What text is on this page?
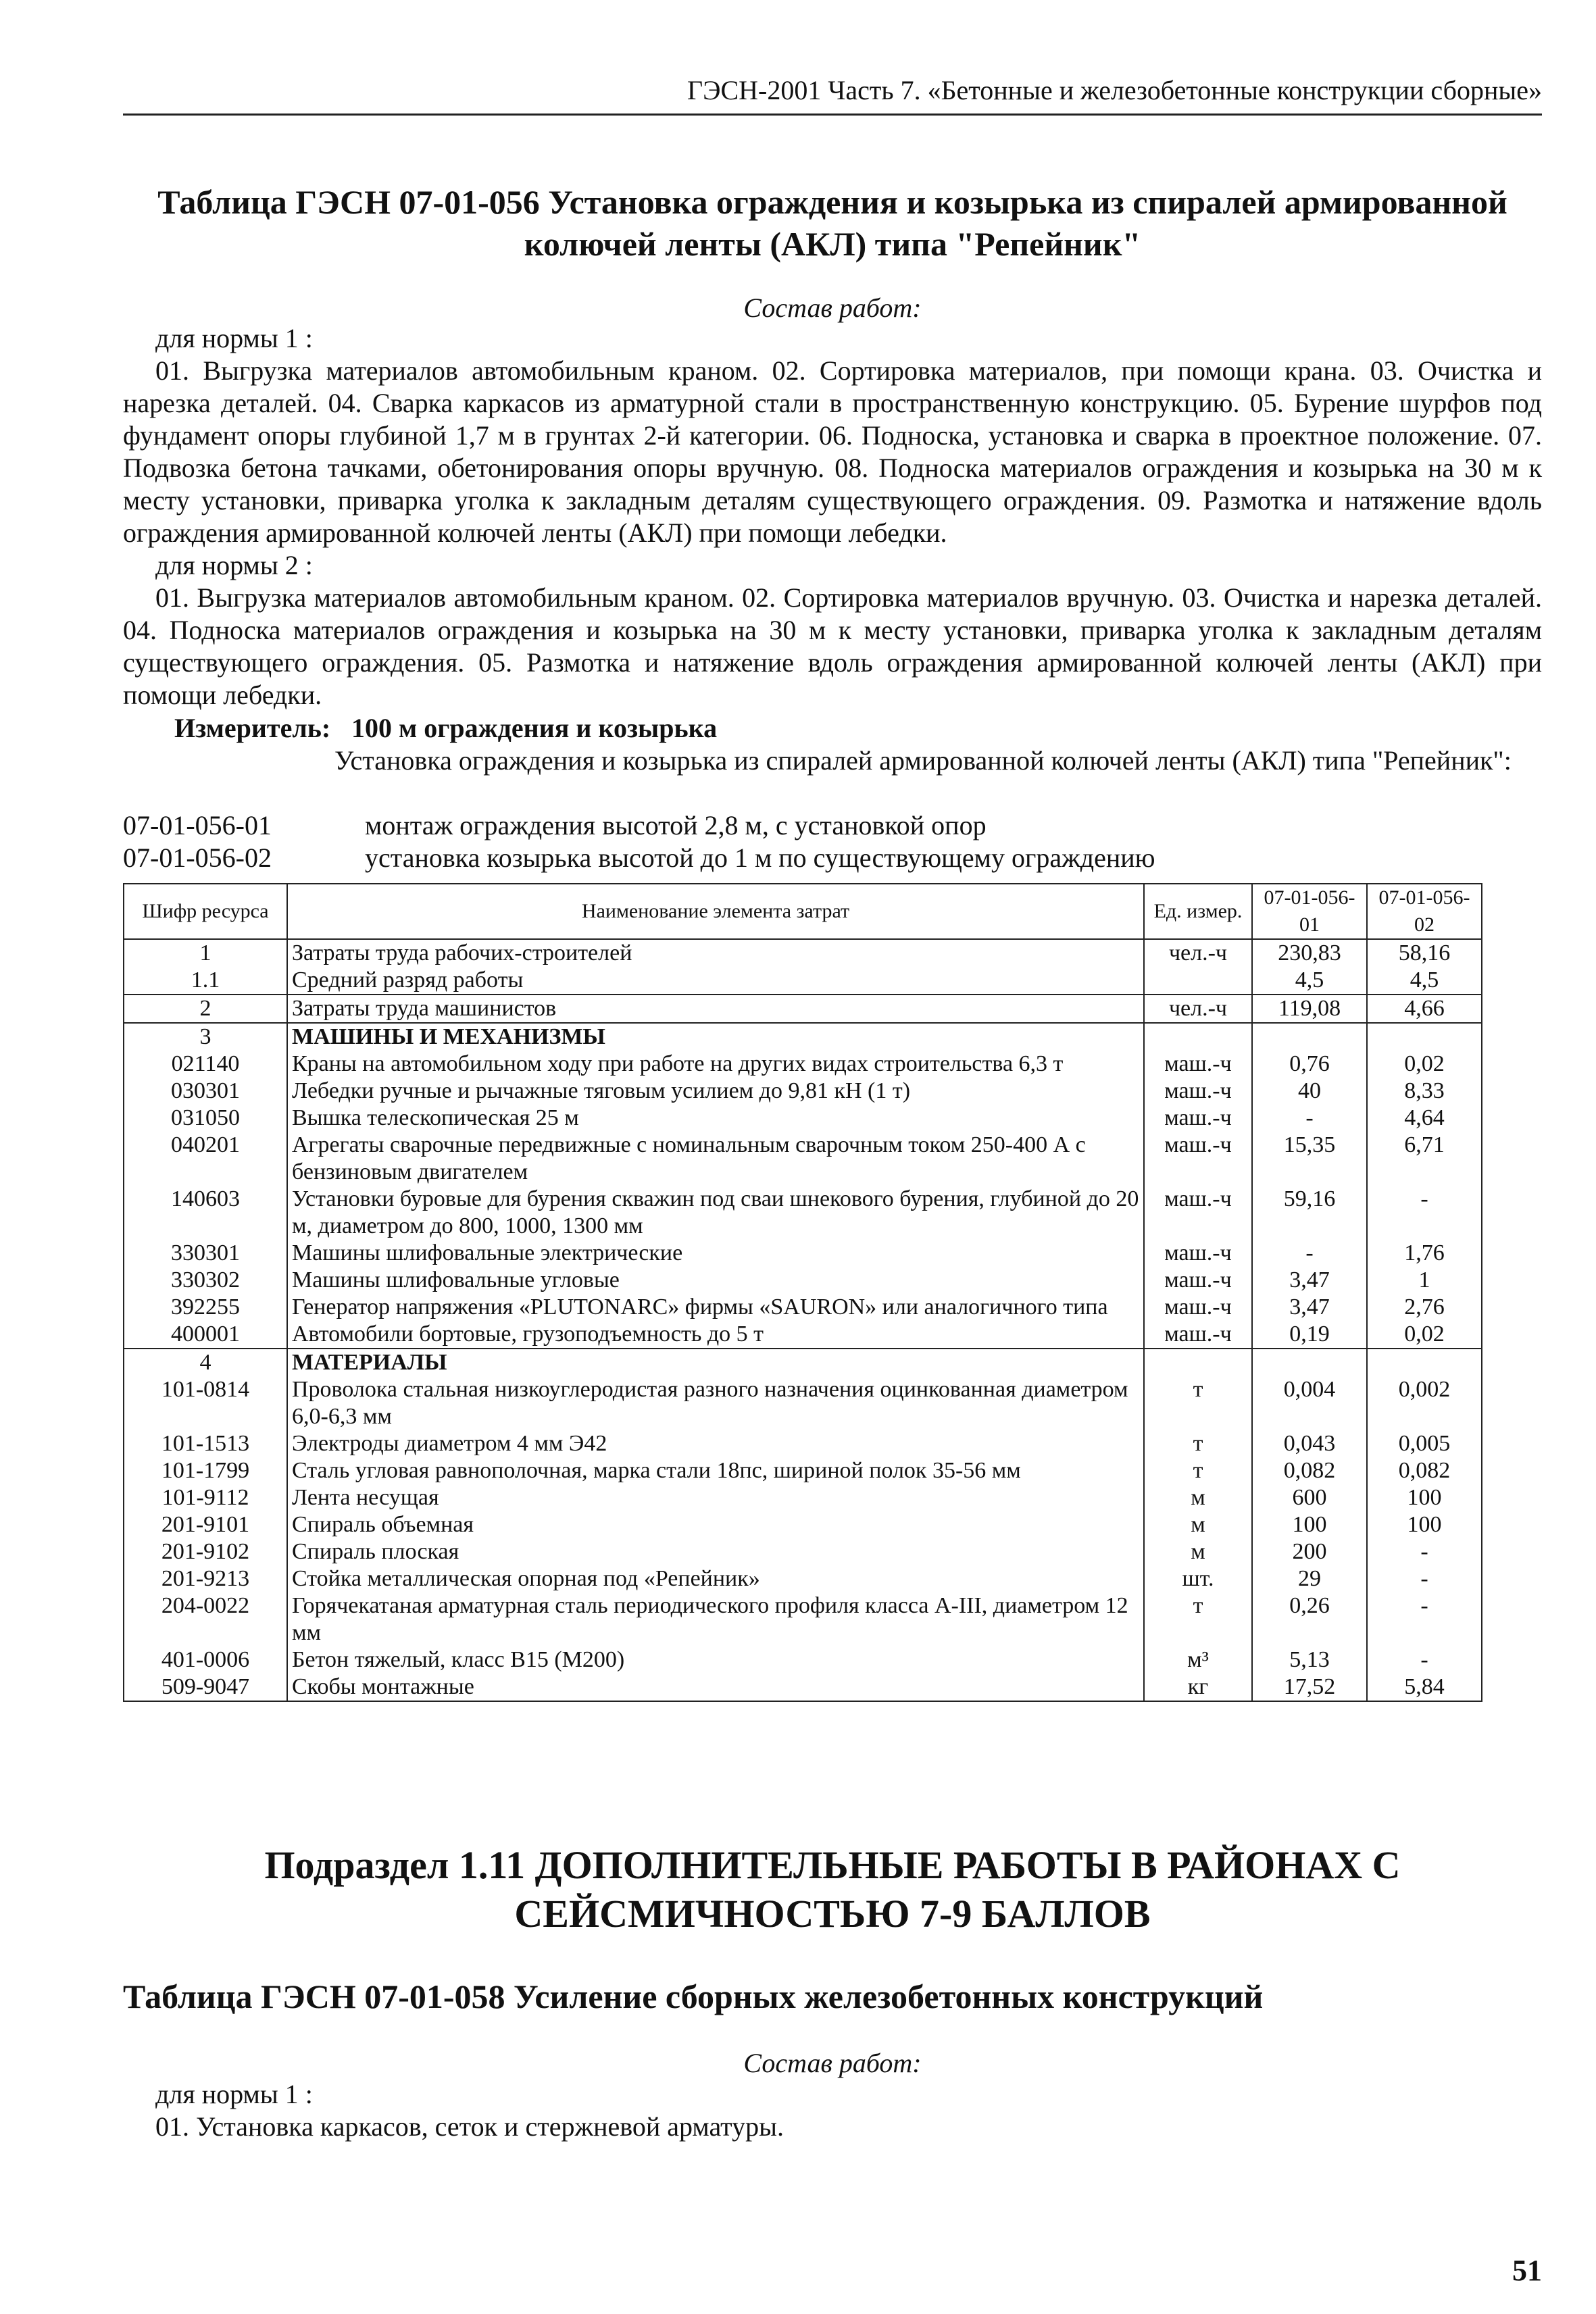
ГЭСН-2001 Часть 7. «Бетонные и железобетонные конструкции сборные»
Таблица ГЭСН 07-01-056 Установка ограждения и козырька из спиралей армированной
колючей ленты (АКЛ) типа "Репейник"
Состав работ:
для нормы 1 :
01. Выгрузка материалов автомобильным краном. 02. Сортировка материалов, при помощи крана. 03. Очистка и нарезка деталей. 04. Сварка каркасов из арматурной стали в пространственную конструкцию. 05. Бурение шурфов под фундамент опоры глубиной 1,7 м в грунтах 2-й категории. 06. Подноска, установка и сварка в проектное положение. 07. Подвозка бетона тачками, обетонирования опоры вручную. 08. Подноска материалов ограждения и козырька на 30 м к месту установки, приварка уголка к закладным деталям существующего ограждения. 09. Размотка и натяжение вдоль ограждения армированной колючей ленты (АКЛ) при помощи лебедки.
для нормы 2 :
01. Выгрузка материалов автомобильным краном. 02. Сортировка материалов вручную. 03. Очистка и нарезка деталей. 04. Подноска материалов ограждения и козырька на 30 м к месту установки, приварка уголка к закладным деталям существующего ограждения. 05. Размотка и натяжение вдоль ограждения армированной колючей ленты (АКЛ) при помощи лебедки.
Измеритель: 100 м ограждения и козырька
Установка ограждения и козырька из спиралей армированной колючей ленты (АКЛ) типа "Репейник":
07-01-056-01	монтаж ограждения высотой 2,8 м, с установкой опор
07-01-056-02	установка козырька высотой до 1 м по существующему ограждению
Шифр ресурса	Наименование элемента затрат	Ед. измер.	07-01-056-01	07-01-056-02
1	Затраты труда рабочих-строителей	чел.-ч	230,83	58,16
1.1	Средний разряд работы		4,5	4,5
2	Затраты труда машинистов	чел.-ч	119,08	4,66
3	МАШИНЫ И МЕХАНИЗМЫ			
021140	Краны на автомобильном ходу при работе на других видах строительства 6,3 т	маш.-ч	0,76	0,02
030301	Лебедки ручные и рычажные тяговым усилием до 9,81 кН (1 т)	маш.-ч	40	8,33
031050	Вышка телескопическая 25 м	маш.-ч	-	4,64
040201	Агрегаты сварочные передвижные с номинальным сварочным током 250-400 А с бензиновым двигателем	маш.-ч	15,35	6,71
140603	Установки буровые для бурения скважин под сваи шнекового бурения, глубиной до 20 м, диаметром до 800, 1000, 1300 мм	маш.-ч	59,16	-
330301	Машины шлифовальные электрические	маш.-ч	-	1,76
330302	Машины шлифовальные угловые	маш.-ч	3,47	1
392255	Генератор напряжения «PLUTONARC» фирмы «SAURON» или аналогичного типа	маш.-ч	3,47	2,76
400001	Автомобили бортовые, грузоподъемность до 5 т	маш.-ч	0,19	0,02
4	МАТЕРИАЛЫ			
101-0814	Проволока стальная низкоуглеродистая разного назначения оцинкованная диаметром 6,0-6,3 мм	т	0,004	0,002
101-1513	Электроды диаметром 4 мм Э42	т	0,043	0,005
101-1799	Сталь угловая равнополочная, марка стали 18пс, шириной полок 35-56 мм	т	0,082	0,082
101-9112	Лента несущая	м	600	100
201-9101	Спираль объемная	м	100	100
201-9102	Спираль плоская	м	200	-
201-9213	Стойка металлическая опорная под «Репейник»	шт.	29	-
204-0022	Горячекатаная арматурная сталь периодического профиля класса А-III, диаметром 12 мм	т	0,26	-
401-0006	Бетон тяжелый, класс В15 (М200)	м³	5,13	-
509-9047	Скобы монтажные	кг	17,52	5,84
Подраздел 1.11 ДОПОЛНИТЕЛЬНЫЕ РАБОТЫ В РАЙОНАХ С
СЕЙСМИЧНОСТЬЮ 7-9 БАЛЛОВ
Таблица ГЭСН 07-01-058 Усиление сборных железобетонных конструкций
Состав работ:
для нормы 1 :
01. Установка каркасов, сеток и стержневой арматуры.
51
